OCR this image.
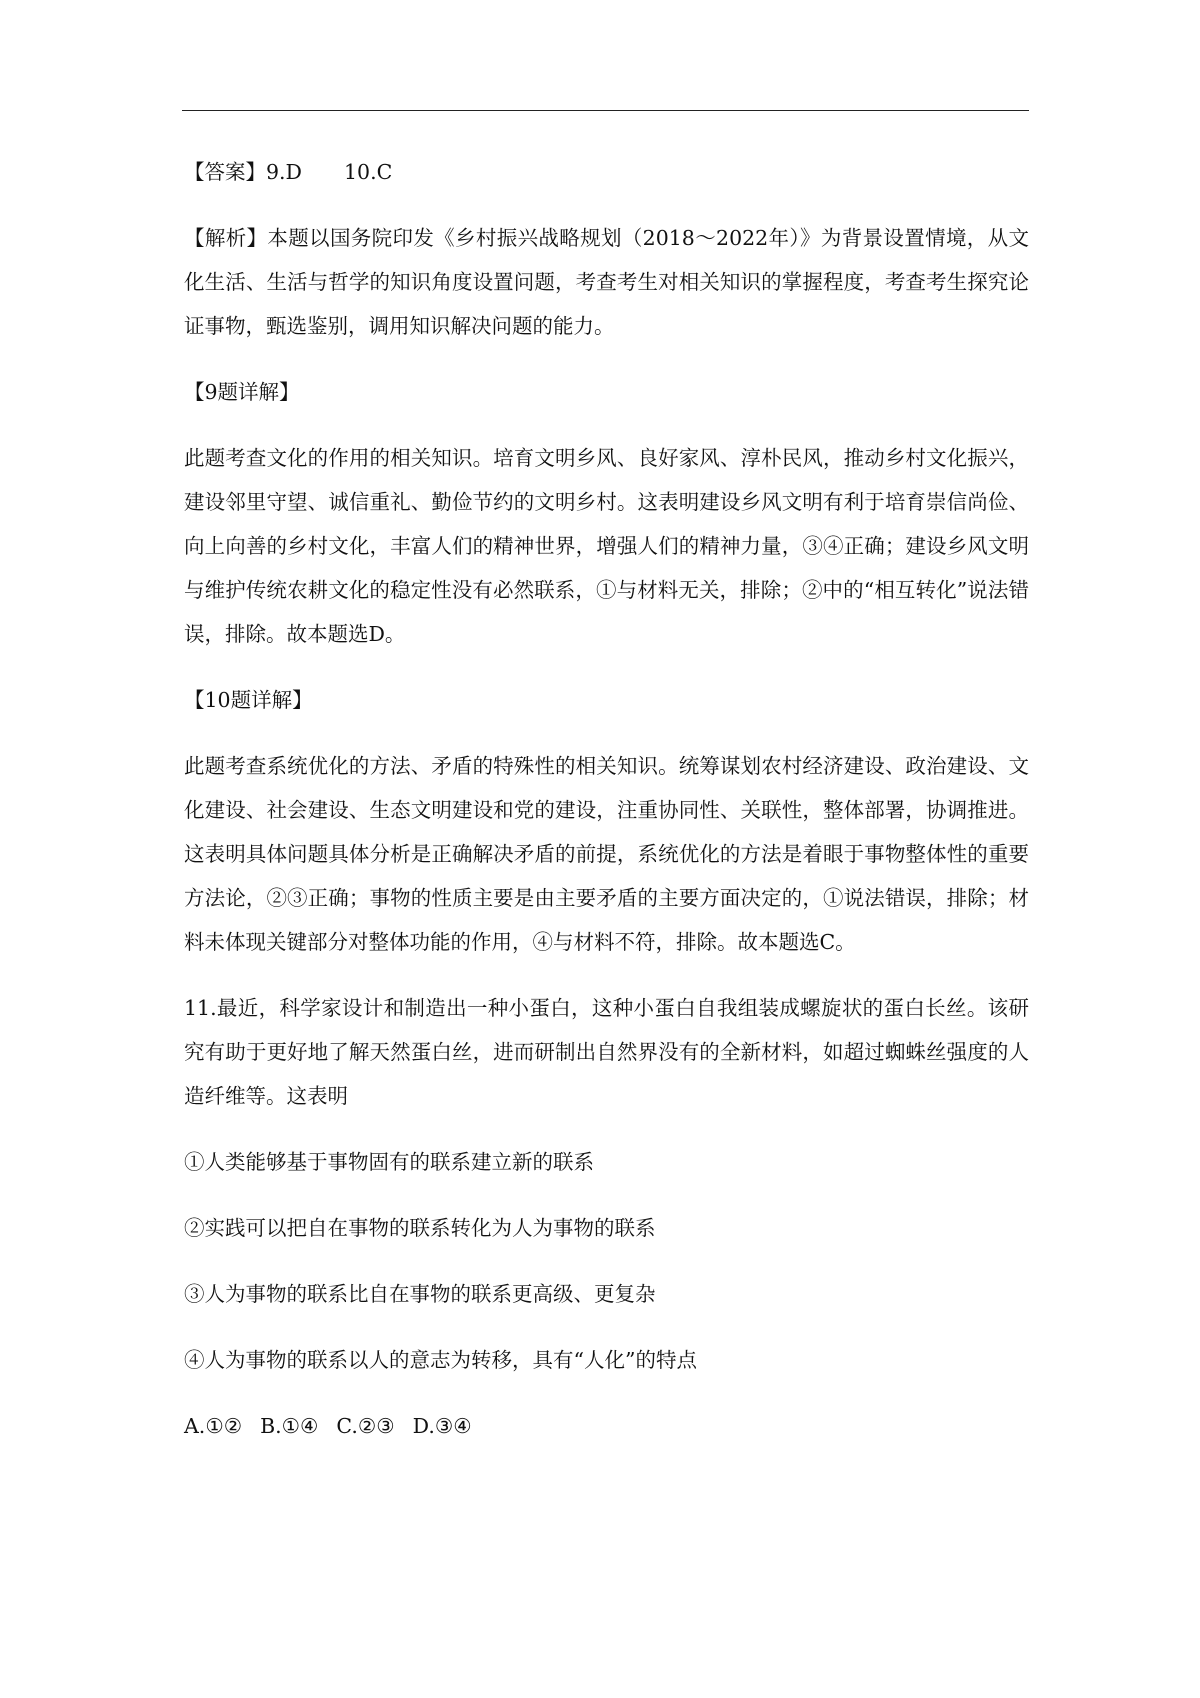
【答案】9.D 10.C

【解析】本题以国务院印发《乡村振兴战略规划（2018～2022年）》为背景设置情境，从文化生活、生活与哲学的知识角度设置问题，考查考生对相关知识的掌握程度，考查考生探究论证事物，甄选鉴别，调用知识解决问题的能力。

【9题详解】

此题考查文化的作用的相关知识。培育文明乡风、良好家风、淳朴民风，推动乡村文化振兴，建设邻里守望、诚信重礼、勤俭节约的文明乡村。这表明建设乡风文明有利于培育崇信尚俭、向上向善的乡村文化，丰富人们的精神世界，增强人们的精神力量，③④正确；建设乡风文明与维护传统农耕文化的稳定性没有必然联系，①与材料无关，排除；②中的“相互转化”说法错误，排除。故本题选D。

【10题详解】

此题考查系统优化的方法、矛盾的特殊性的相关知识。统筹谋划农村经济建设、政治建设、文化建设、社会建设、生态文明建设和党的建设，注重协同性、关联性，整体部署，协调推进。这表明具体问题具体分析是正确解决矛盾的前提，系统优化的方法是着眼于事物整体性的重要方法论，②③正确；事物的性质主要是由主要矛盾的主要方面决定的，①说法错误，排除；材料未体现关键部分对整体功能的作用，④与材料不符，排除。故本题选C。

11.最近，科学家设计和制造出一种小蛋白，这种小蛋白自我组装成螺旋状的蛋白长丝。该研究有助于更好地了解天然蛋白丝，进而研制出自然界没有的全新材料，如超过蜘蛛丝强度的人造纤维等。这表明

①人类能够基于事物固有的联系建立新的联系

②实践可以把自在事物的联系转化为人为事物的联系

③人为事物的联系比自在事物的联系更高级、更复杂

④人为事物的联系以人的意志为转移，具有“人化”的特点

A.①② B.①④ C.②③ D.③④
